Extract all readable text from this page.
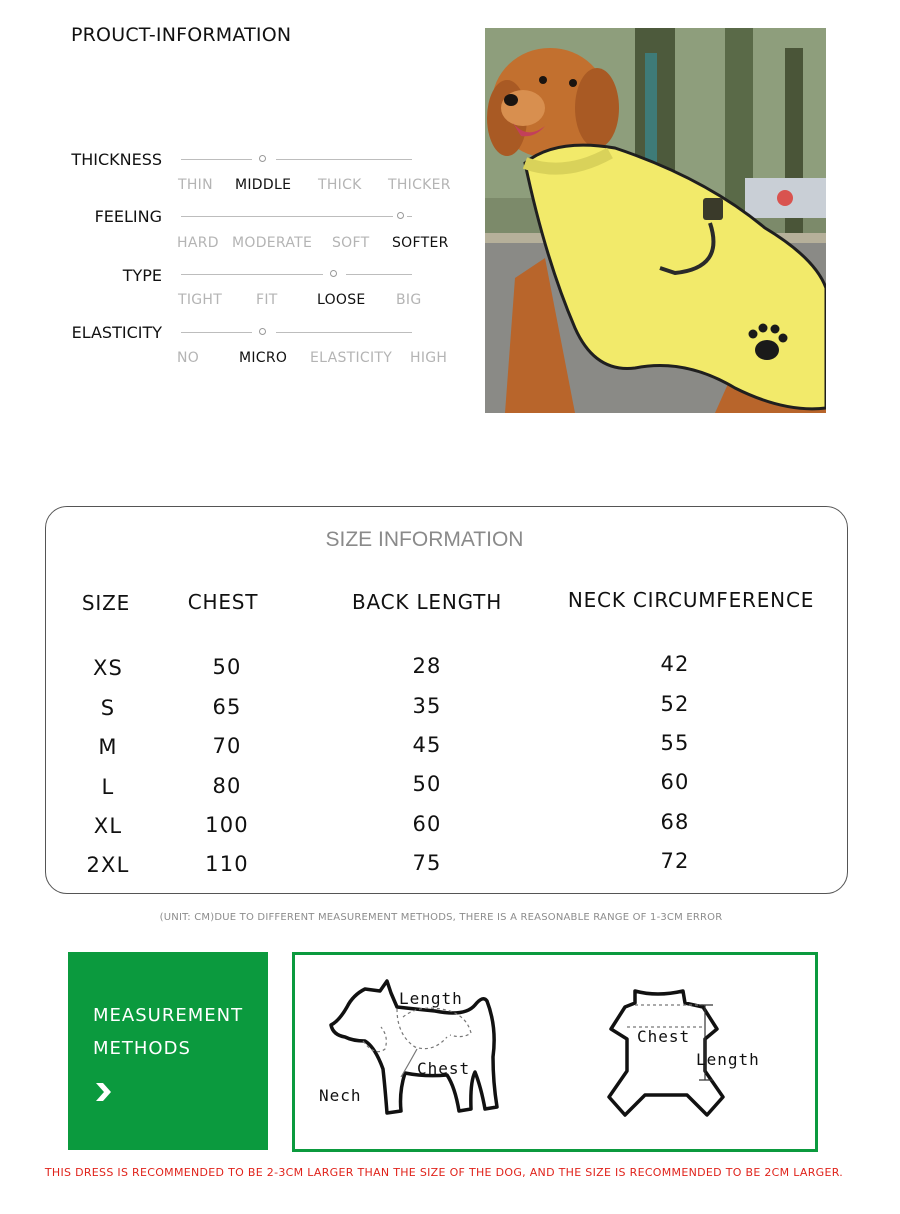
PROUCT-INFORMATION
THICKNESS
THIN MIDDLE THICK THICKER
FEELING
HARD MODERATE SOFT SOFTER
TYPE
TIGHT FIT	LOOSE BIG
ELASTICITY
NO	MICRO ELASTICITY HIGH
SIZE INFORMATION
SIZE	CHEST	BACK LENGTH	NECK CIRCUMFERENCE
XS	50	28	42
S	65	35	52
M	70	45	55
L	80	50	60
XL	100	60	68
2XL	110	75	72
(UNIT: CM)DUE TO DIFFERENT MEASUREMENT METHODS, THERE IS A REASONABLE RANGE OF 1-3CM ERROR
MEASUREMENT
METHODS
Length
Chest
Nech
Chest
Length
THIS DRESS IS RECOMMENDED TO BE 2-3CM LARGER THAN THE SIZE OF THE DOG, AND THE SIZE IS RECOMMENDED TO BE 2CM LARGER.
